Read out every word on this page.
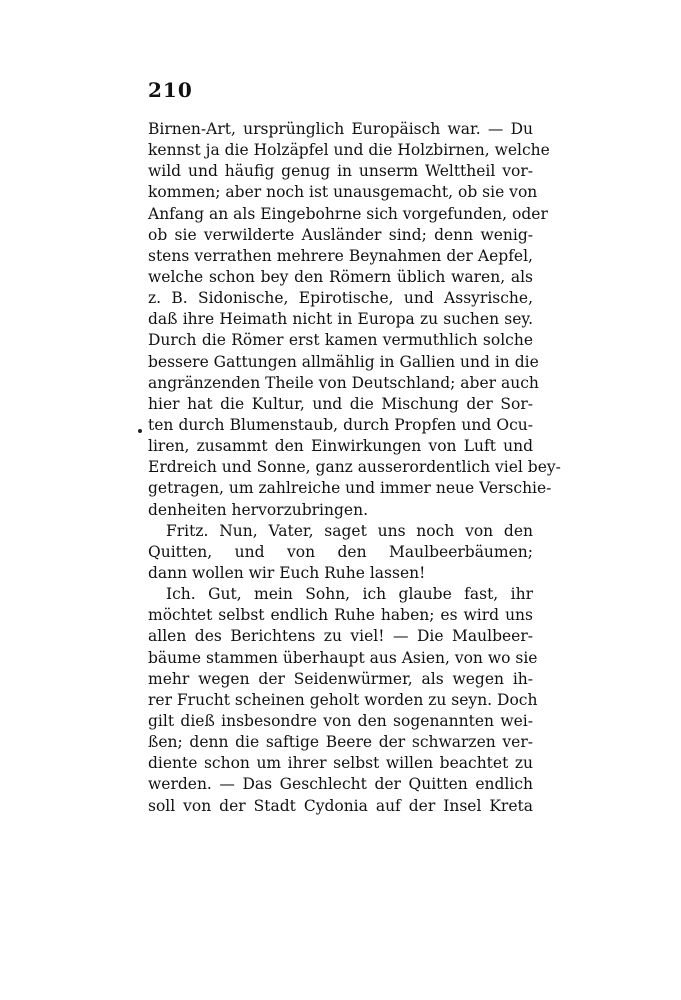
210
Birnen-Art, ursprünglich Europäisch war. — Du
kennst ja die Holzäpfel und die Holzbirnen, welche
wild und häufig genug in unserm Welttheil vor-
kommen; aber noch ist unausgemacht, ob sie von
Anfang an als Eingebohrne sich vorgefunden, oder
ob sie verwilderte Ausländer sind; denn wenig-
stens verrathen mehrere Beynahmen der Aepfel,
welche schon bey den Römern üblich waren, als
z. B. Sidonische, Epirotische, und Assyrische,
daß ihre Heimath nicht in Europa zu suchen sey.
Durch die Römer erst kamen vermuthlich solche
bessere Gattungen allmählig in Gallien und in die
angränzenden Theile von Deutschland; aber auch
hier hat die Kultur, und die Mischung der Sor-
ten durch Blumenstaub, durch Propfen und Ocu-
liren, zusammt den Einwirkungen von Luft und
Erdreich und Sonne, ganz ausserordentlich viel bey-
getragen, um zahlreiche und immer neue Verschie-
denheiten hervorzubringen.
Fritz. Nun, Vater, saget uns noch von den
Quitten, und von den Maulbeerbäumen;
dann wollen wir Euch Ruhe lassen!
Ich. Gut, mein Sohn, ich glaube fast, ihr
möchtet selbst endlich Ruhe haben; es wird uns
allen des Berichtens zu viel! — Die Maulbeer-
bäume stammen überhaupt aus Asien, von wo sie
mehr wegen der Seidenwürmer, als wegen ih-
rer Frucht scheinen geholt worden zu seyn. Doch
gilt dieß insbesondre von den sogenannten wei-
ßen; denn die saftige Beere der schwarzen ver-
diente schon um ihrer selbst willen beachtet zu
werden. — Das Geschlecht der Quitten endlich
soll von der Stadt Cydonia auf der Insel Kreta
